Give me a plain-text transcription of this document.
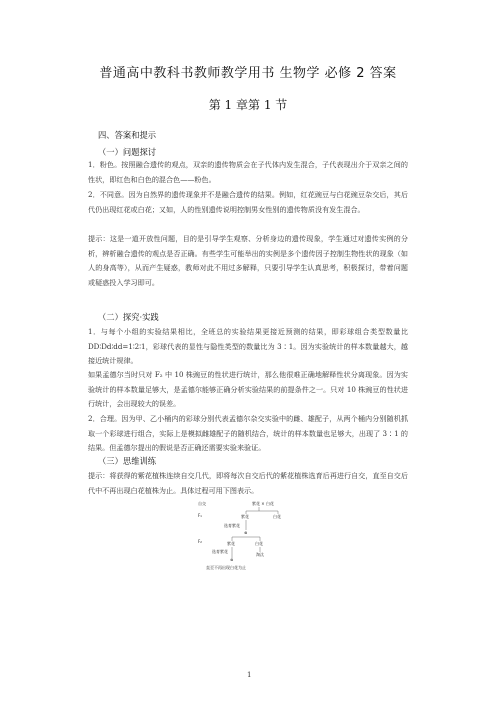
普通高中教科书教师教学用书 生物学 必修 2 答案
第 1 章第 1 节
四、答案和提示
（一）问题探讨
1．粉色。按照融合遗传的观点，双亲的遗传物质会在子代体内发生混合，子代表现出介于双亲之间的性状，即红色和白色的混合色——粉色。
2．不同意。因为自然界的遗传现象并不是融合遗传的结果。例如，红花豌豆与白花豌豆杂交后，其后代仍出现红花或白花；又如，人的性别遗传说明控制男女性别的遗传物质没有发生混合。
提示：这是一道开放性问题，目的是引导学生观察、分析身边的遗传现象，学生通过对遗传实例的分析，辨析融合遗传的观点是否正确。有些学生可能举出的实例是多个遗传因子控制生物性状的现象（如人的身高等），从而产生疑惑，教师对此不用过多解释，只要引导学生认真思考，积极探讨，带着问题或疑惑投入学习即可。
（二）探究·实践
1．与每个小组的实验结果相比，全班总的实验结果更接近预测的结果，即彩球组合类型数量比 DD∶Dd∶dd=1∶2∶1，彩球代表的显性与隐性类型的数量比为 3∶1。因为实验统计的样本数量越大，越接近统计规律。
如果孟德尔当时只对 F₂ 中 10 株豌豆的性状进行统计，那么他很难正确地解释性状分离现象。因为实验统计的样本数量足够大，是孟德尔能够正确分析实验结果的前提条件之一。只对 10 株豌豆的性状进行统计，会出现较大的误差。
2．合理。因为甲、乙小桶内的彩球分别代表孟德尔杂交实验中的雌、雄配子，从两个桶内分别随机抓取一个彩球进行组合，实际上是模拟雌雄配子的随机结合，统计的样本数量也足够大，出现了 3∶1 的结果。但孟德尔提出的假说是否正确还需要实验来验证。
（三）思维训练
提示：将获得的紫花植株连续自交几代，即将每次自交后代的紫花植株选育后再进行自交，直至自交后代中不再出现白花植株为止。具体过程可用下图表示。
自交	紫花 × 白花
F₁	紫花	白花
选育紫花
⊗
F₂	紫花	白花
选育紫花
淘汰
⊗
直至不再出现白花为止
1
